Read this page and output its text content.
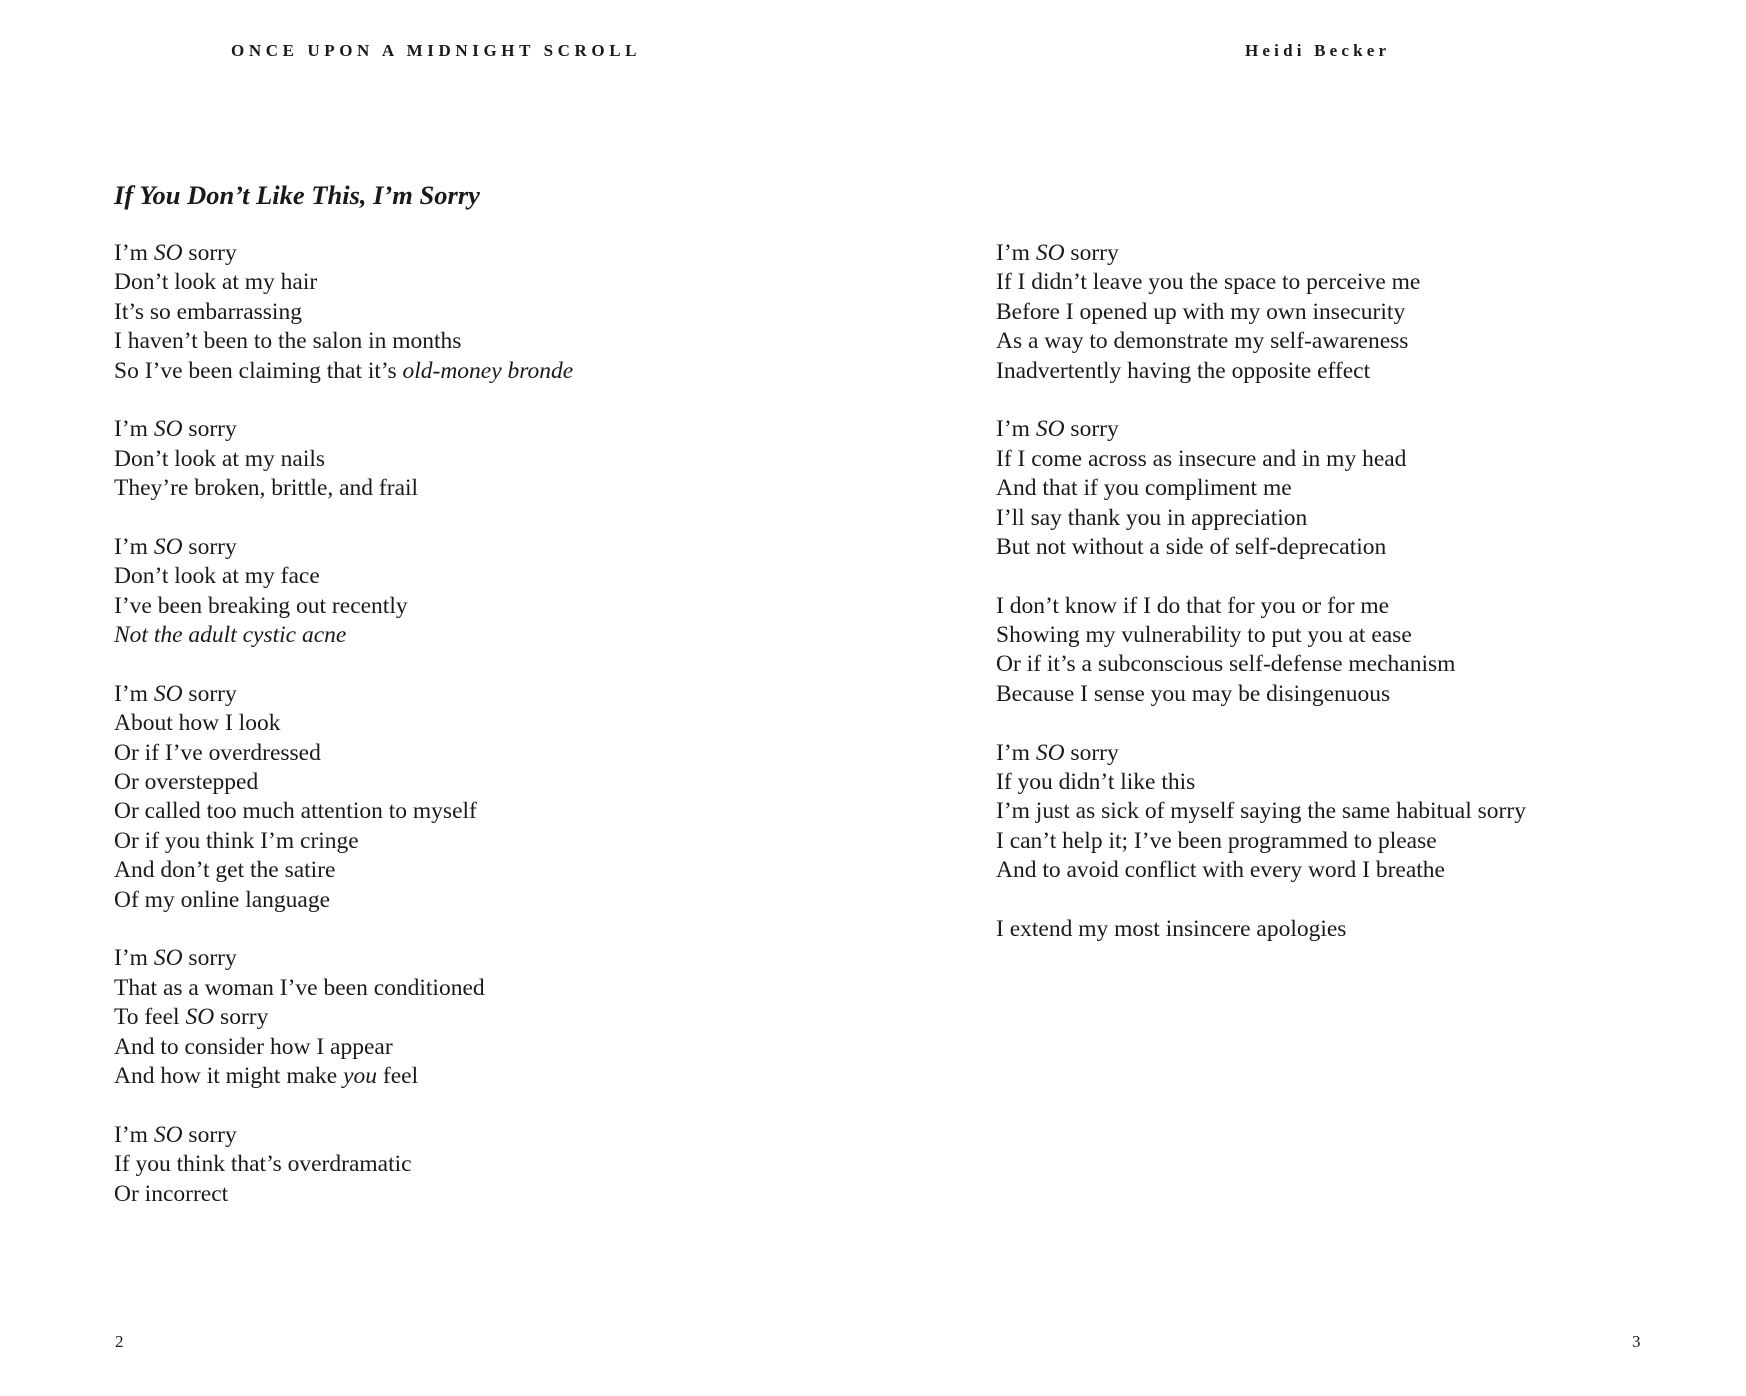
ONCE UPON A MIDNIGHT SCROLL	Heidi Becker
If You Don’t Like This, I’m Sorry
I’m SO sorry
Don’t look at my hair
It’s so embarrassing
I haven’t been to the salon in months
So I’ve been claiming that it’s old-money bronde
I’m SO sorry
Don’t look at my nails
They’re broken, brittle, and frail
I’m SO sorry
Don’t look at my face
I’ve been breaking out recently
Not the adult cystic acne
I’m SO sorry
About how I look
Or if I’ve overdressed
Or overstepped
Or called too much attention to myself
Or if you think I’m cringe
And don’t get the satire
Of my online language
I’m SO sorry
That as a woman I’ve been conditioned
To feel SO sorry
And to consider how I appear
And how it might make you feel
I’m SO sorry
If you think that’s overdramatic
Or incorrect
I’m SO sorry
If I didn’t leave you the space to perceive me
Before I opened up with my own insecurity
As a way to demonstrate my self-awareness
Inadvertently having the opposite effect
I’m SO sorry
If I come across as insecure and in my head
And that if you compliment me
I’ll say thank you in appreciation
But not without a side of self-deprecation
I don’t know if I do that for you or for me
Showing my vulnerability to put you at ease
Or if it’s a subconscious self-defense mechanism
Because I sense you may be disingenuous
I’m SO sorry
If you didn’t like this
I’m just as sick of myself saying the same habitual sorry
I can’t help it; I’ve been programmed to please
And to avoid conflict with every word I breathe
I extend my most insincere apologies
2	3
